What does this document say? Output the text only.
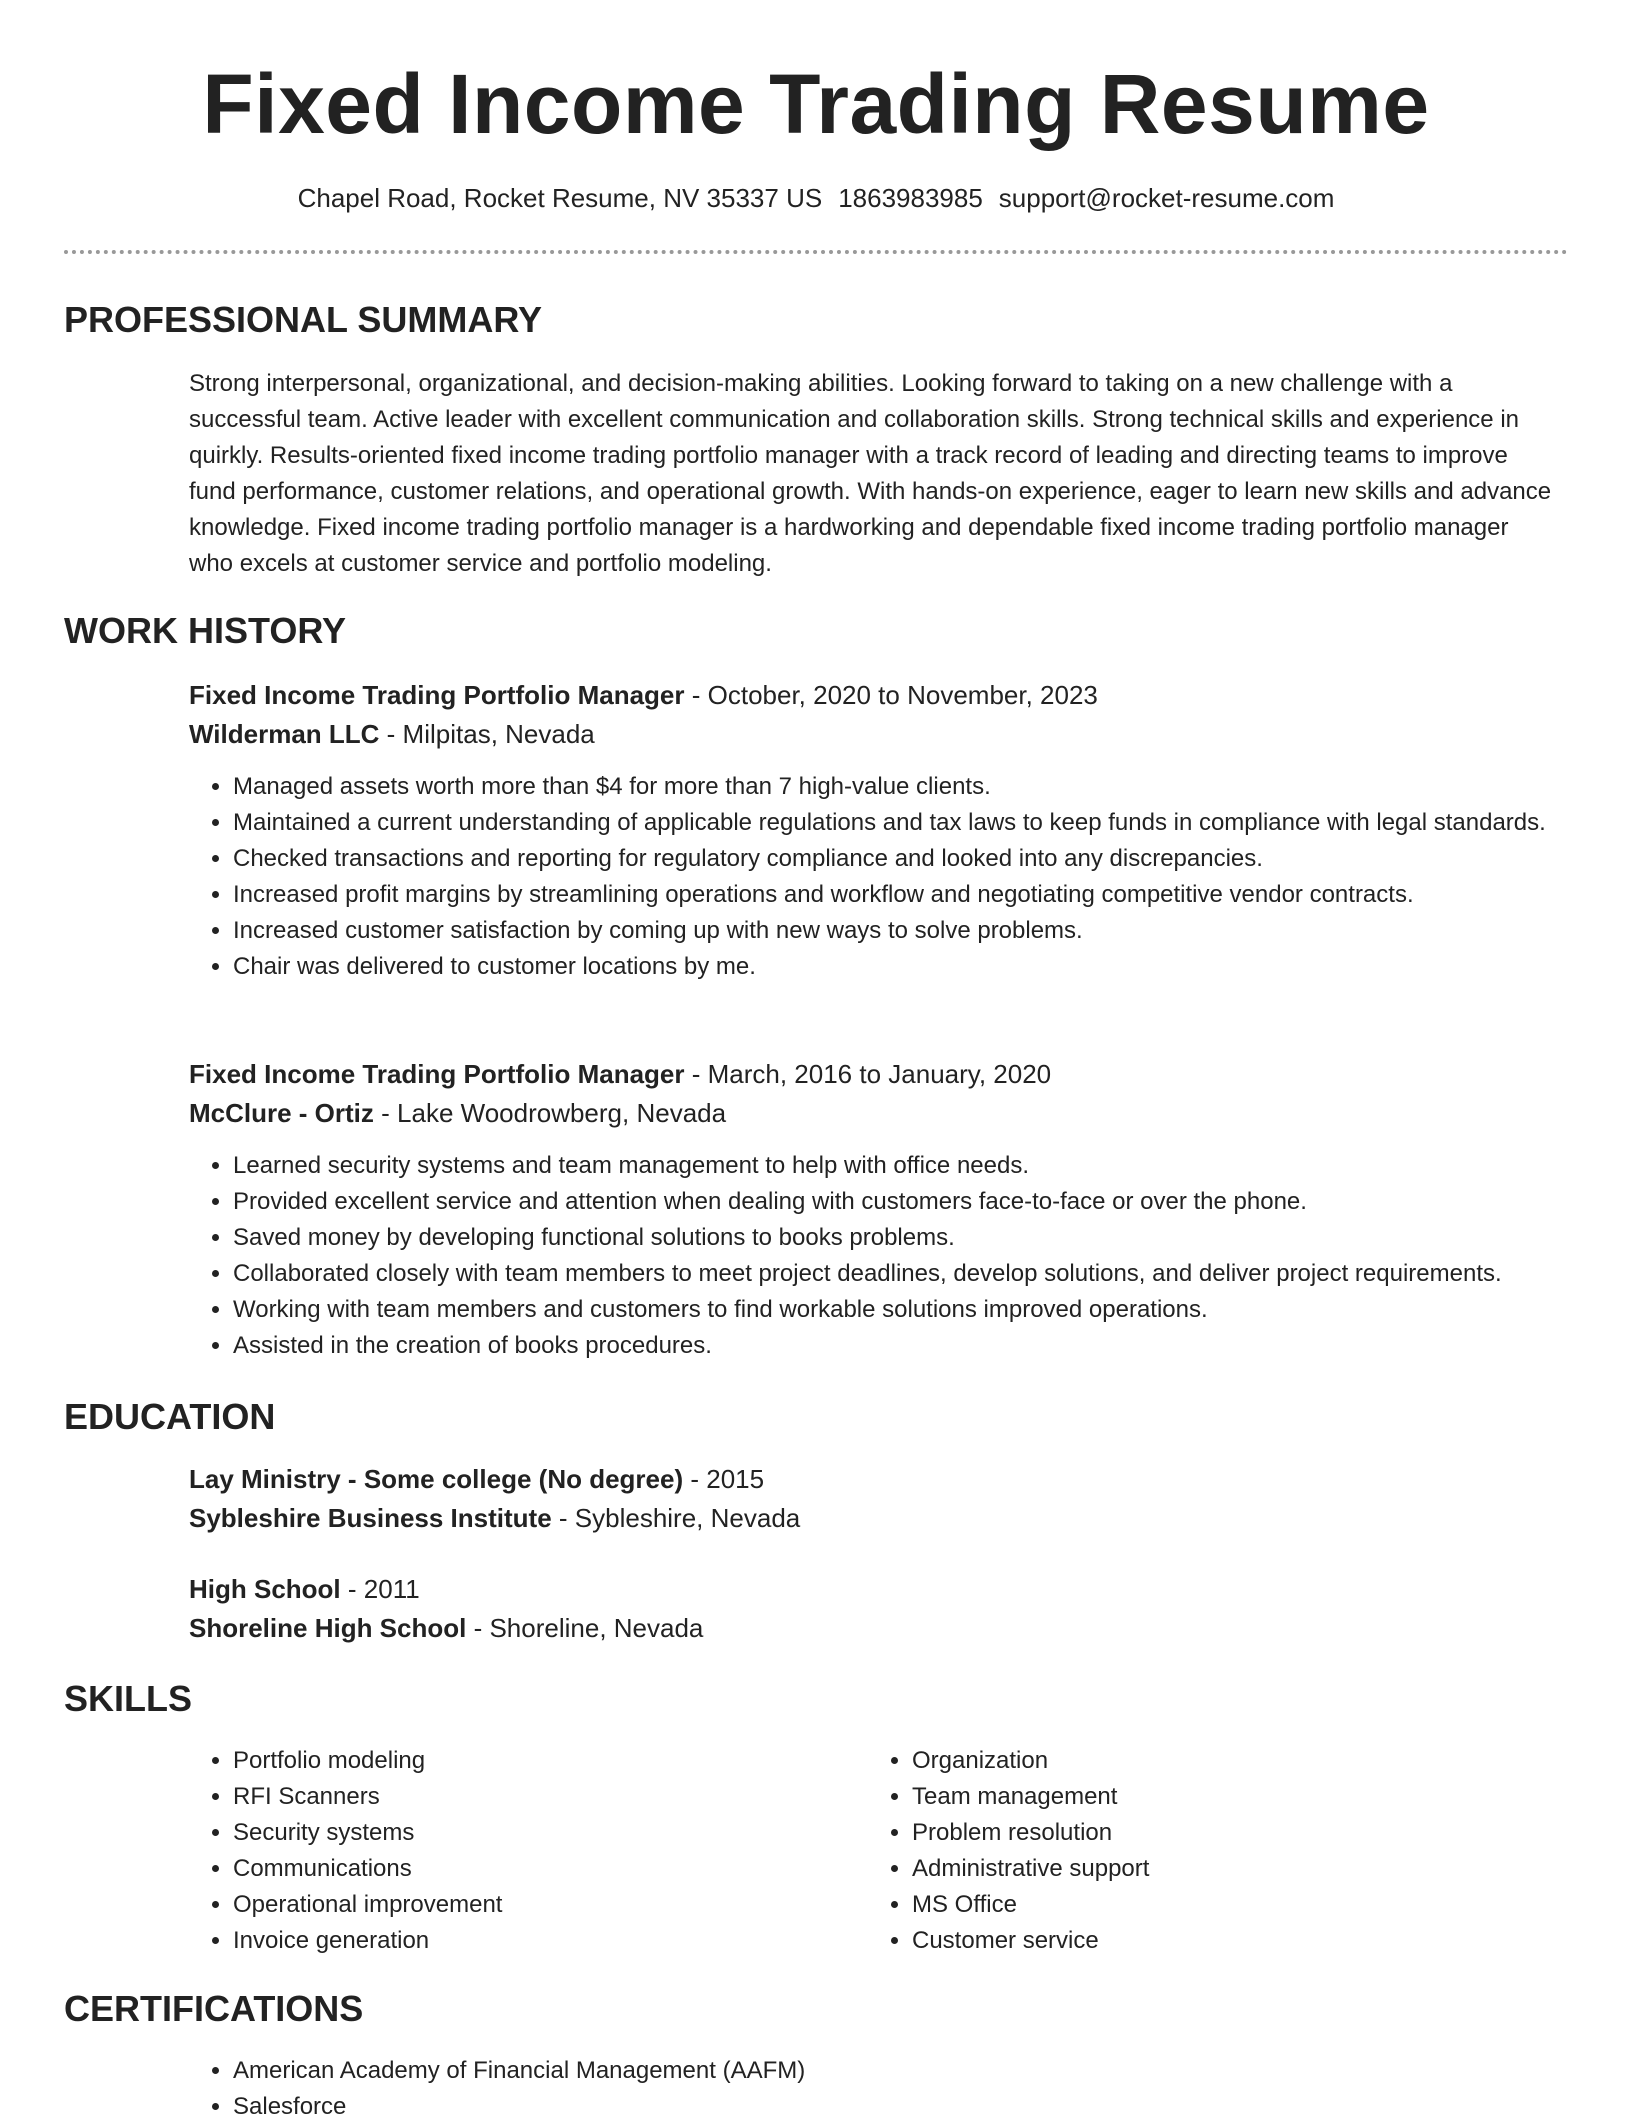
Fixed Income Trading Resume
Chapel Road, Rocket Resume, NV 35337 US 1863983985 support@rocket-resume.com
PROFESSIONAL SUMMARY

Strong interpersonal, organizational, and decision-making abilities. Looking forward to taking on a new challenge with a successful team. Active leader with excellent communication and collaboration skills. Strong technical skills and experience in quirkly. Results-oriented fixed income trading portfolio manager with a track record of leading and directing teams to improve fund performance, customer relations, and operational growth. With hands-on experience, eager to learn new skills and advance knowledge. Fixed income trading portfolio manager is a hardworking and dependable fixed income trading portfolio manager who excels at customer service and portfolio modeling.

WORK HISTORY

Fixed Income Trading Portfolio Manager - October, 2020 to November, 2023

Wilderman LLC - Milpitas, Nevada

• Managed assets worth more than $4 for more than 7 high-value clients.
• Maintained a current understanding of applicable regulations and tax laws to keep funds in compliance with legal standards.
• Checked transactions and reporting for regulatory compliance and looked into any discrepancies.
• Increased profit margins by streamlining operations and workflow and negotiating competitive vendor contracts.
• Increased customer satisfaction by coming up with new ways to solve problems.
• Chair was delivered to customer locations by me.

Fixed Income Trading Portfolio Manager - March, 2016 to January, 2020

McClure - Ortiz - Lake Woodrowberg, Nevada

• Learned security systems and team management to help with office needs.
• Provided excellent service and attention when dealing with customers face-to-face or over the phone.
• Saved money by developing functional solutions to books problems.
• Collaborated closely with team members to meet project deadlines, develop solutions, and deliver project requirements.
• Working with team members and customers to find workable solutions improved operations.
• Assisted in the creation of books procedures.
EDUCATION

Lay Ministry - Some college (No degree) - 2015

Sybleshire Business Institute - Sybleshire, Nevada

High School - 2011

Shoreline High School - Shoreline, Nevada

SKILLS
• Portfolio modeling
• RFI Scanners
• Security systems
• Communications
• Operational improvement
• Invoice generation
• Organization
• Team management
• Problem resolution
• Administrative support
• MS Office
• Customer service
CERTIFICATIONS
• American Academy of Financial Management (AAFM)
• Salesforce
